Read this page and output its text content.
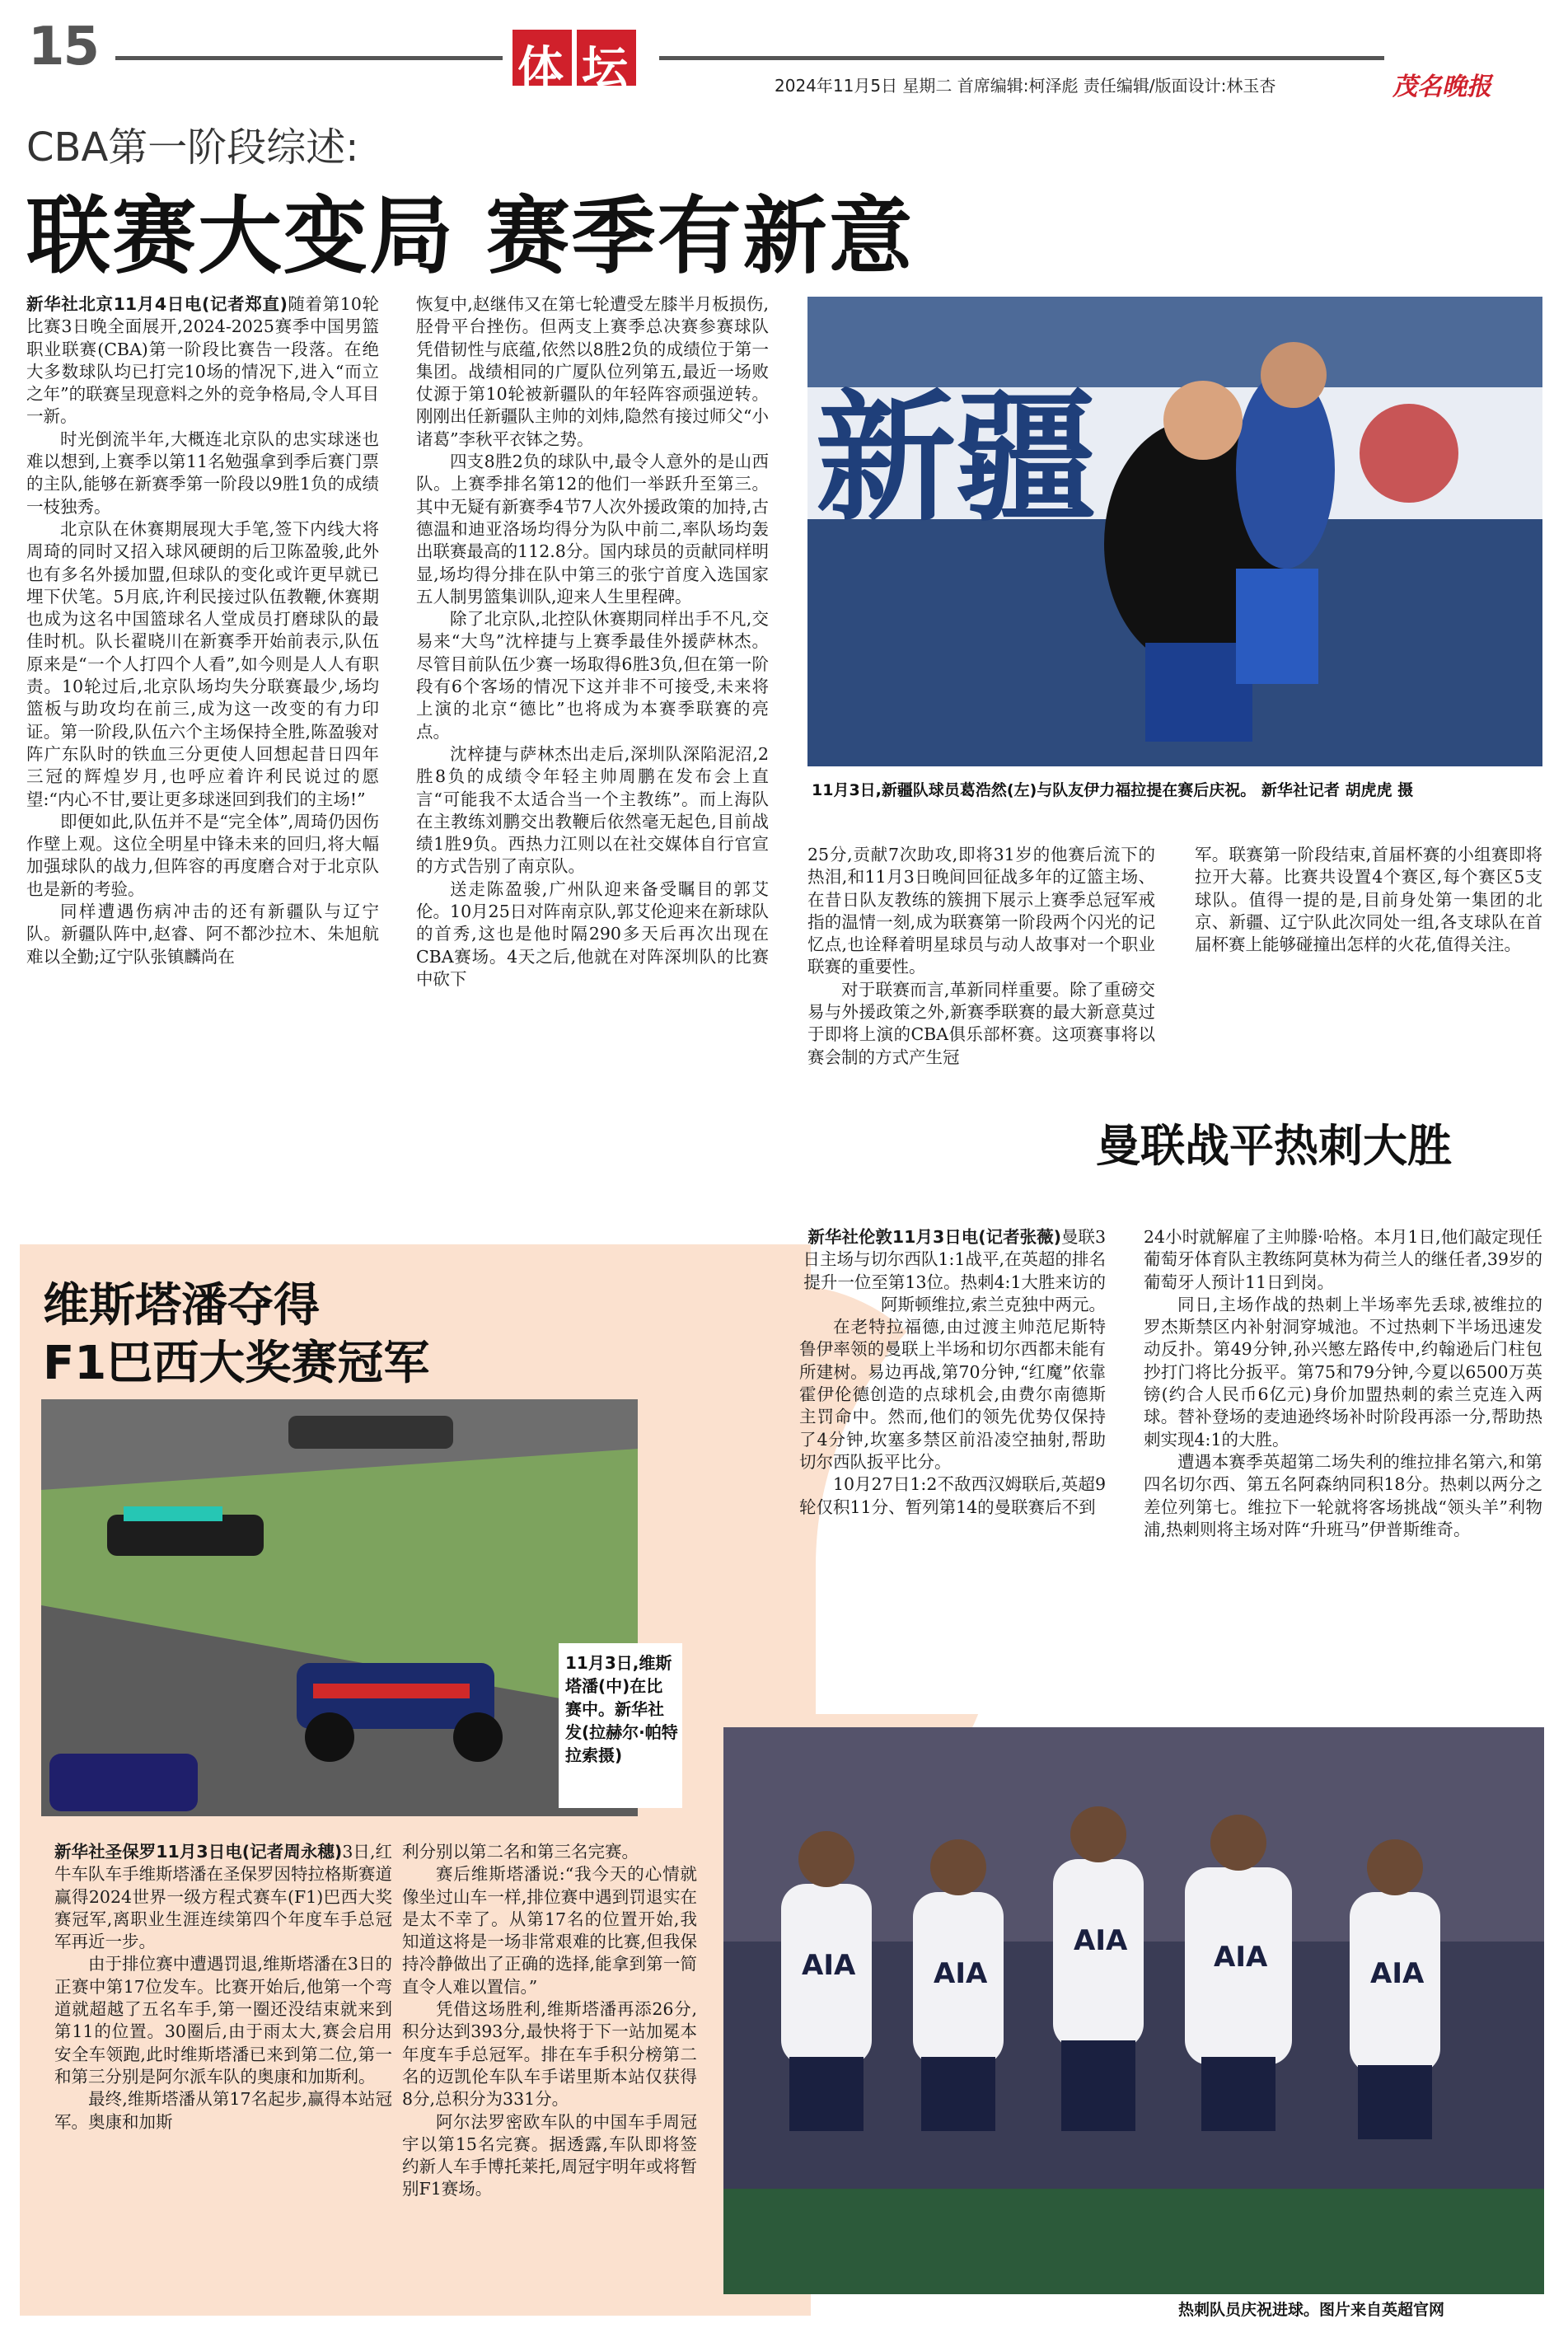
15	体 坛	2024年11月5日 星期二 首席编辑:柯泽彪 责任编辑/版面设计:林玉杏	茂名晚报
CBA第一阶段综述:
联赛大变局 赛季有新意

新华社北京11月4日电(记者郑直)随着第10轮比赛3日晚全面展开,2024-2025赛季中国男篮职业联赛(CBA)第一阶段比赛告一段落。在绝大多数球队均已打完10场的情况下,进入“而立之年”的联赛呈现意料之外的竞争格局,令人耳目一新。

时光倒流半年,大概连北京队的忠实球迷也难以想到,上赛季以第11名勉强拿到季后赛门票的主队,能够在新赛季第一阶段以9胜1负的成绩一枝独秀。

北京队在休赛期展现大手笔,签下内线大将周琦的同时又招入球风硬朗的后卫陈盈骏,此外也有多名外援加盟,但球队的变化或许更早就已埋下伏笔。5月底,许利民接过队伍教鞭,休赛期也成为这名中国篮球名人堂成员打磨球队的最佳时机。队长翟晓川在新赛季开始前表示,队伍原来是“一个人打四个人看”,如今则是人人有职责。10轮过后,北京队场均失分联赛最少,场均篮板与助攻均在前三,成为这一改变的有力印证。第一阶段,队伍六个主场保持全胜,陈盈骏对阵广东队时的铁血三分更使人回想起昔日四年三冠的辉煌岁月,也呼应着许利民说过的愿望:“内心不甘,要让更多球迷回到我们的主场!”

即便如此,队伍并不是“完全体”,周琦仍因伤作壁上观。这位全明星中锋未来的回归,将大幅加强球队的战力,但阵容的再度磨合对于北京队也是新的考验。

同样遭遇伤病冲击的还有新疆队与辽宁队。新疆队阵中,赵睿、阿不都沙拉木、朱旭航难以全勤;辽宁队张镇麟尚在

恢复中,赵继伟又在第七轮遭受左膝半月板损伤,胫骨平台挫伤。但两支上赛季总决赛参赛球队凭借韧性与底蕴,依然以8胜2负的成绩位于第一集团。战绩相同的广厦队位列第五,最近一场败仗源于第10轮被新疆队的年轻阵容顽强逆转。刚刚出任新疆队主帅的刘炜,隐然有接过师父“小诸葛”李秋平衣钵之势。

四支8胜2负的球队中,最令人意外的是山西队。上赛季排名第12的他们一举跃升至第三。其中无疑有新赛季4节7人次外援政策的加持,古德温和迪亚洛场均得分为队中前二,率队场均轰出联赛最高的112.8分。国内球员的贡献同样明显,场均得分排在队中第三的张宁首度入选国家五人制男篮集训队,迎来人生里程碑。

除了北京队,北控队休赛期同样出手不凡,交易来“大鸟”沈梓捷与上赛季最佳外援萨林杰。尽管目前队伍少赛一场取得6胜3负,但在第一阶段有6个客场的情况下这并非不可接受,未来将上演的北京“德比”也将成为本赛季联赛的亮点。

沈梓捷与萨林杰出走后,深圳队深陷泥沼,2胜8负的成绩令年轻主帅周鹏在发布会上直言“可能我不太适合当一个主教练”。而上海队在主教练刘鹏交出教鞭后依然毫无起色,目前战绩1胜9负。西热力江则以在社交媒体自行官宣的方式告别了南京队。

送走陈盈骏,广州队迎来备受瞩目的郭艾伦。10月25日对阵南京队,郭艾伦迎来在新球队的首秀,这也是他时隔290多天后再次出现在CBA赛场。4天之后,他就在对阵深圳队的比赛中砍下

新疆
11月3日,新疆队球员葛浩然(左)与队友伊力福拉提在赛后庆祝。 新华社记者 胡虎虎 摄

25分,贡献7次助攻,即将31岁的他赛后流下的热泪,和11月3日晚间回征战多年的辽篮主场、在昔日队友教练的簇拥下展示上赛季总冠军戒指的温情一刻,成为联赛第一阶段两个闪光的记忆点,也诠释着明星球员与动人故事对一个职业联赛的重要性。

对于联赛而言,革新同样重要。除了重磅交易与外援政策之外,新赛季联赛的最大新意莫过于即将上演的CBA俱乐部杯赛。这项赛事将以赛会制的方式产生冠

军。联赛第一阶段结束,首届杯赛的小组赛即将拉开大幕。比赛共设置4个赛区,每个赛区5支球队。值得一提的是,目前身处第一集团的北京、新疆、辽宁队此次同处一组,各支球队在首届杯赛上能够碰撞出怎样的火花,值得关注。

曼联战平热刺大胜
维斯塔潘夺得
F1巴西大奖赛冠军
11月3日,维斯塔潘(中)在比赛中。新华社发(拉赫尔·帕特拉索摄)

新华社圣保罗11月3日电(记者周永穗)3日,红牛车队车手维斯塔潘在圣保罗因特拉格斯赛道赢得2024世界一级方程式赛车(F1)巴西大奖赛冠军,离职业生涯连续第四个年度车手总冠军再近一步。

由于排位赛中遭遇罚退,维斯塔潘在3日的正赛中第17位发车。比赛开始后,他第一个弯道就超越了五名车手,第一圈还没结束就来到第11的位置。30圈后,由于雨太大,赛会启用安全车领跑,此时维斯塔潘已来到第二位,第一和第三分别是阿尔派车队的奥康和加斯利。

最终,维斯塔潘从第17名起步,赢得本站冠军。奥康和加斯

利分别以第二名和第三名完赛。

赛后维斯塔潘说:“我今天的心情就像坐过山车一样,排位赛中遇到罚退实在是太不幸了。从第17名的位置开始,我知道这将是一场非常艰难的比赛,但我保持冷静做出了正确的选择,能拿到第一简直令人难以置信。”

凭借这场胜利,维斯塔潘再添26分,积分达到393分,最快将于下一站加冕本年度车手总冠军。排在车手积分榜第二名的迈凯伦车队车手诺里斯本站仅获得8分,总积分为331分。

阿尔法罗密欧车队的中国车手周冠宇以第15名完赛。据透露,车队即将签约新人车手博托莱托,周冠宇明年或将暂别F1赛场。

新华社伦敦11月3日电(记者张薇)曼联3日主场与切尔西队1:1战平,在英超的排名提升一位至第13位。热刺4:1大胜来访的阿斯顿维拉,索兰克独中两元。

在老特拉福德,由过渡主帅范尼斯特鲁伊率领的曼联上半场和切尔西都未能有所建树。易边再战,第70分钟,“红魔”依靠霍伊伦德创造的点球机会,由费尔南德斯主罚命中。然而,他们的领先优势仅保持了4分钟,坎塞多禁区前沿凌空抽射,帮助切尔西队扳平比分。

10月27日1:2不敌西汉姆联后,英超9轮仅积11分、暂列第14的曼联赛后不到

24小时就解雇了主帅滕·哈格。本月1日,他们敲定现任葡萄牙体育队主教练阿莫林为荷兰人的继任者,39岁的葡萄牙人预计11日到岗。

同日,主场作战的热刺上半场率先丢球,被维拉的罗杰斯禁区内补射洞穿城池。不过热刺下半场迅速发动反扑。第49分钟,孙兴慜左路传中,约翰逊后门柱包抄打门将比分扳平。第75和79分钟,今夏以6500万英镑(约合人民币6亿元)身价加盟热刺的索兰克连入两球。替补登场的麦迪逊终场补时阶段再添一分,帮助热刺实现4:1的大胜。

遭遇本赛季英超第二场失利的维拉排名第六,和第四名切尔西、第五名阿森纳同积18分。热刺以两分之差位列第七。维拉下一轮就将客场挑战“领头羊”利物浦,热刺则将主场对阵“升班马”伊普斯维奇。

AIA	AIA
AIA	AIA	AIA
热刺队员庆祝进球。图片来自英超官网
